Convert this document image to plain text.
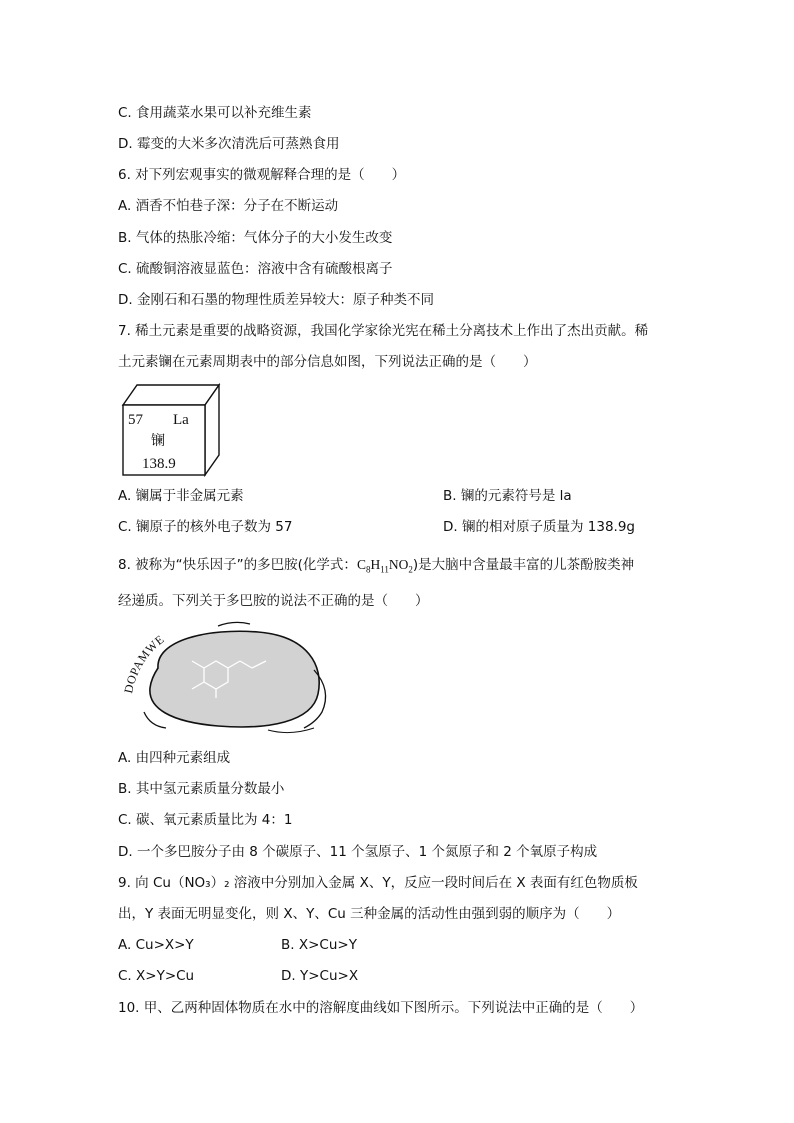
C. 食用蔬菜水果可以补充维生素
D. 霉变的大米多次清洗后可蒸熟食用
6. 对下列宏观事实的微观解释合理的是（　　）
A. 酒香不怕巷子深：分子在不断运动
B. 气体的热胀冷缩：气体分子的大小发生改变
C. 硫酸铜溶液显蓝色：溶液中含有硫酸根离子
D. 金刚石和石墨的物理性质差异较大：原子种类不同
7. 稀土元素是重要的战略资源，我国化学家徐光宪在稀土分离技术上作出了杰出贡献。稀
土元素镧在元素周期表中的部分信息如图，下列说法正确的是（　　）
57 La
镧
138.9
A. 镧属于非金属元素	B. 镧的元素符号是 la
C. 镧原子的核外电子数为 57	D. 镧的相对原子质量为 138.9g
8. 被称为“快乐因子”的多巴胺(化学式：$C_8H_{11}NO_2$)是大脑中含量最丰富的儿茶酚胺类神
经递质。下列关于多巴胺的说法不正确的是（　　）
DOPAMWE
A. 由四种元素组成
B. 其中氢元素质量分数最小
C. 碳、氧元素质量比为 4：1
D. 一个多巴胺分子由 8 个碳原子、11 个氢原子、1 个氮原子和 2 个氧原子构成
9. 向 Cu（NO₃）₂ 溶液中分别加入金属 X、Y，反应一段时间后在 X 表面有红色物质板
出，Y 表面无明显变化，则 X、Y、Cu 三种金属的活动性由强到弱的顺序为（　　）
A. Cu>X>Y	B. X>Cu>Y
C. X>Y>Cu	D. Y>Cu>X
10. 甲、乙两种固体物质在水中的溶解度曲线如下图所示。下列说法中正确的是（　　）
